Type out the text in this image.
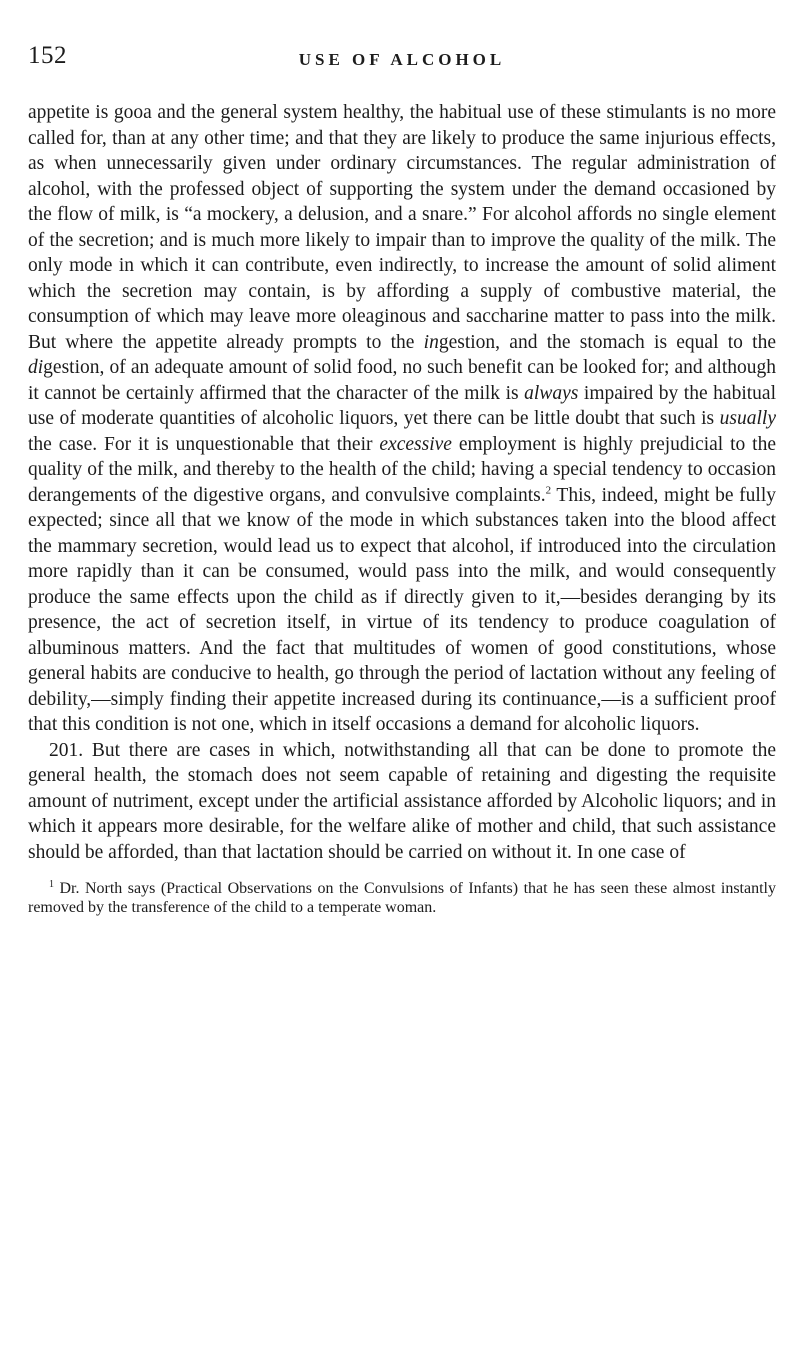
152	USE OF ALCOHOL

appetite is gooa and the general system healthy, the habitual use of these stimulants is no more called for, than at any other time; and that they are likely to produce the same injurious effects, as when unnecessarily given under ordinary circumstances. The regular administration of alcohol, with the professed object of supporting the system under the demand occasioned by the flow of milk, is “a mockery, a delusion, and a snare.” For alcohol affords no single element of the secretion; and is much more likely to impair than to improve the quality of the milk. The only mode in which it can contribute, even indirectly, to increase the amount of solid aliment which the secretion may contain, is by affording a supply of combustive material, the consumption of which may leave more oleaginous and saccharine matter to pass into the milk. But where the appetite already prompts to the ingestion, and the stomach is equal to the digestion, of an adequate amount of solid food, no such benefit can be looked for; and although it cannot be certainly affirmed that the character of the milk is always impaired by the habitual use of moderate quantities of alcoholic liquors, yet there can be little doubt that such is usually the case. For it is unquestionable that their excessive employment is highly prejudicial to the quality of the milk, and thereby to the health of the child; having a special tendency to occasion derangements of the digestive organs, and convulsive complaints.$^2$ This, indeed, might be fully expected; since all that we know of the mode in which substances taken into the blood affect the mammary secretion, would lead us to expect that alcohol, if introduced into the circulation more rapidly than it can be consumed, would pass into the milk, and would consequently produce the same effects upon the child as if directly given to it,—besides deranging by its presence, the act of secretion itself, in virtue of its tendency to produce coagulation of albuminous matters. And the fact that multitudes of women of good constitutions, whose general habits are conducive to health, go through the period of lactation without any feeling of debility,—simply finding their appetite increased during its continuance,—is a sufficient proof that this condition is not one, which in itself occasions a demand for alcoholic liquors.

201. But there are cases in which, notwithstanding all that can be done to promote the general health, the stomach does not seem capable of retaining and digesting the requisite amount of nutriment, except under the artificial assistance afforded by Alcoholic liquors; and in which it appears more desirable, for the welfare alike of mother and child, that such assistance should be afforded, than that lactation should be carried on without it. In one case of

$^1$ Dr. North says (Practical Observations on the Convulsions of Infants) that he has seen these almost instantly removed by the transference of the child to a temperate woman.
